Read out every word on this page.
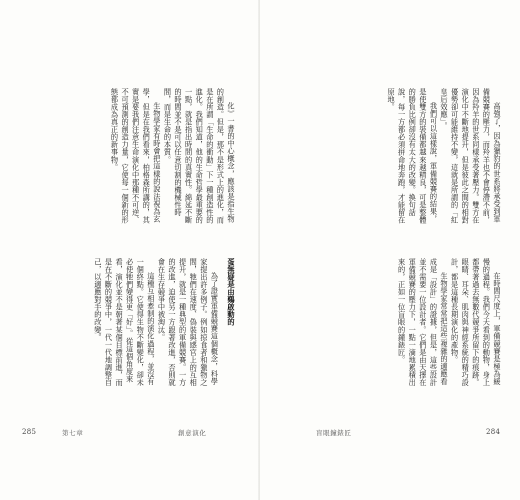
化》一書的中心概念，應該是指生物的創造。但是，那不是形式上的進化，而是在所謂「生命的衝動」下一種創造性的進化。我們知道，他的生命哲學最重要的一點，就是指出時間的真實性。綿延不斷的時間並不是可以任意切割的機械性時間，而是生命的本質。

生物學家有時會把這樣的說法視為玄學，但是在我們看來，柏格森所講的，其實是要我們注意生命演化中那種不可逆、不可預測的創造力量，它使每一個新的形態都成為真正的新事物。

蛋無疑是由鷄啟動的

為了證實軍備競賽這個概念，科學家提出許多例子。例如掠食者和獵物之間，牠們在速度、偽裝與感官上的互相提升，就是一種典型的軍備競賽。一方的改進，迫使另一方跟著改進，否則就會在生存競爭中被淘汰。

這種互相牽制的演化過程，並沒有一個終點。它使得生物不斷變化，卻未必使牠們變得更「好」。從這個角度來看，演化並不是朝著某個目標前進，而是在不斷的競爭中，一代一代地調整自己，以適應對手的改變。

285	第七章	創意演化

高強了，因為獵豹的世系將承受到軍備競賽的壓力，而羚羊也不會停滯不前，因為羚羊的世系同樣承受著壓力。雙方在演化中不斷地提升，但是彼此之間的相對優勢卻可能維持不變，這就是所謂的「紅皇后效應」。

我們可以這樣說，軍備競賽的結果，是使雙方的裝備都越來越精良，可是整體的勝負比例卻沒有太大的改變。換句話說，每一方都必須拼命地奔跑，才能留在原地。

在時間尺度上，軍備競賽是極為緩慢的過程。我們今天看到的動物，身上都帶著過去無數代競爭所留下的痕跡。眼睛、耳朵、肌肉與神經系統的精巧設計，都是這種長期演化的產物。

生物學家常常把這些複雜的適應看成是「設計」的證據，但是，這些設計並不需要一位設計者。它們是由天擇在軍備競賽的壓力下，一點一滴地累積出來的，正如一位盲眼的鐘錶匠。

盲眼鐘錶匠	284
